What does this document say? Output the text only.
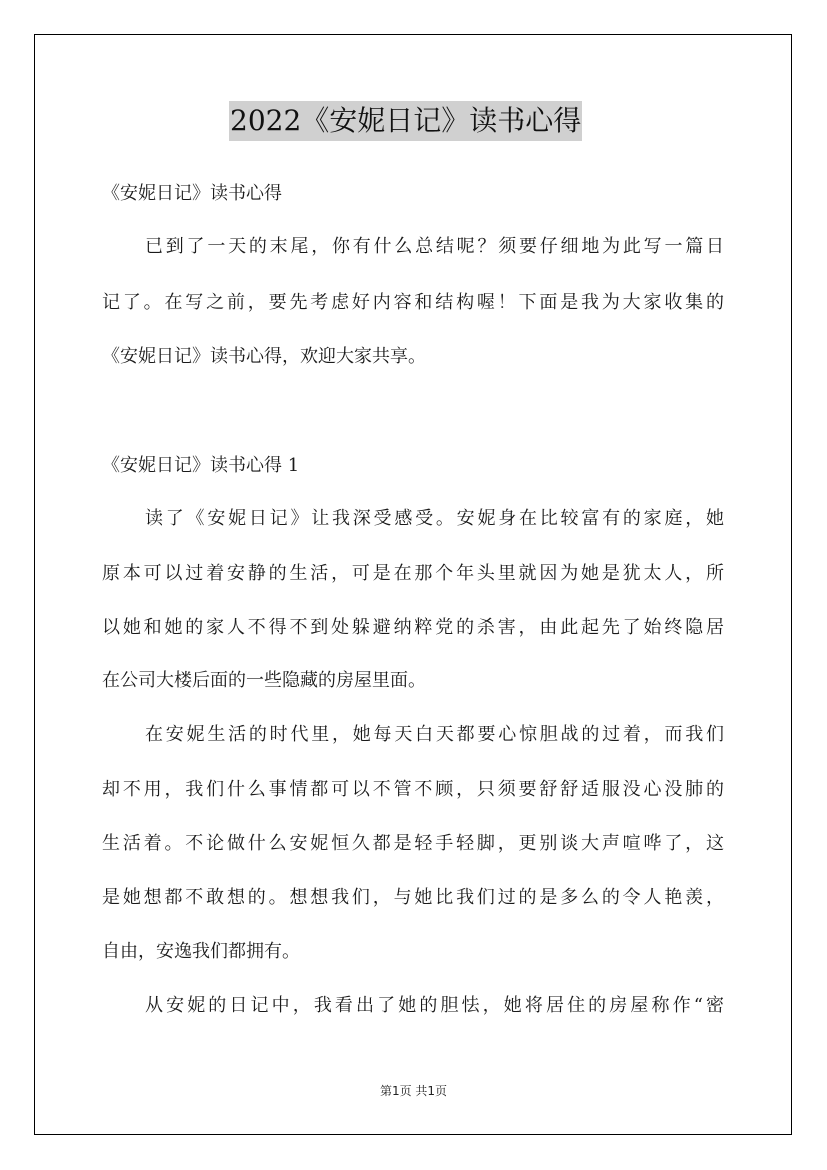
2022《安妮日记》读书心得
《安妮日记》读书心得
已到了一天的末尾，你有什么总结呢？须要仔细地为此写一篇日
记了。在写之前，要先考虑好内容和结构喔！下面是我为大家收集的
《安妮日记》读书心得，欢迎大家共享。
《安妮日记》读书心得 1
读了《安妮日记》让我深受感受。安妮身在比较富有的家庭，她
原本可以过着安静的生活，可是在那个年头里就因为她是犹太人，所
以她和她的家人不得不到处躲避纳粹党的杀害，由此起先了始终隐居
在公司大楼后面的一些隐藏的房屋里面。
在安妮生活的时代里，她每天白天都要心惊胆战的过着，而我们
却不用，我们什么事情都可以不管不顾，只须要舒舒适服没心没肺的
生活着。不论做什么安妮恒久都是轻手轻脚，更别谈大声喧哗了，这
是她想都不敢想的。想想我们，与她比我们过的是多么的令人艳羡，
自由，安逸我们都拥有。
从安妮的日记中，我看出了她的胆怯，她将居住的房屋称作“密
第1页 共1页
